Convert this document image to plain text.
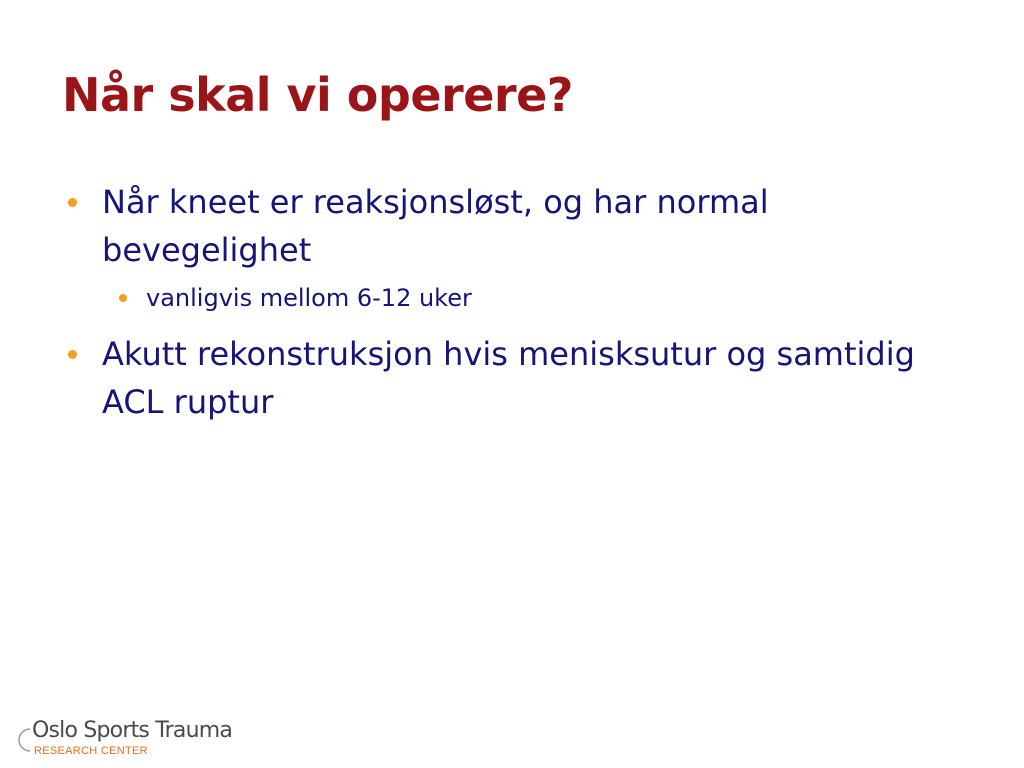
Når skal vi operere?
Når kneet er reaksjonsløst, og har normal bevegelighet
vanligvis mellom 6-12 uker
Akutt rekonstruksjon hvis menisksutur og samtidig ACL ruptur
Oslo Sports Trauma
RESEARCH CENTER
